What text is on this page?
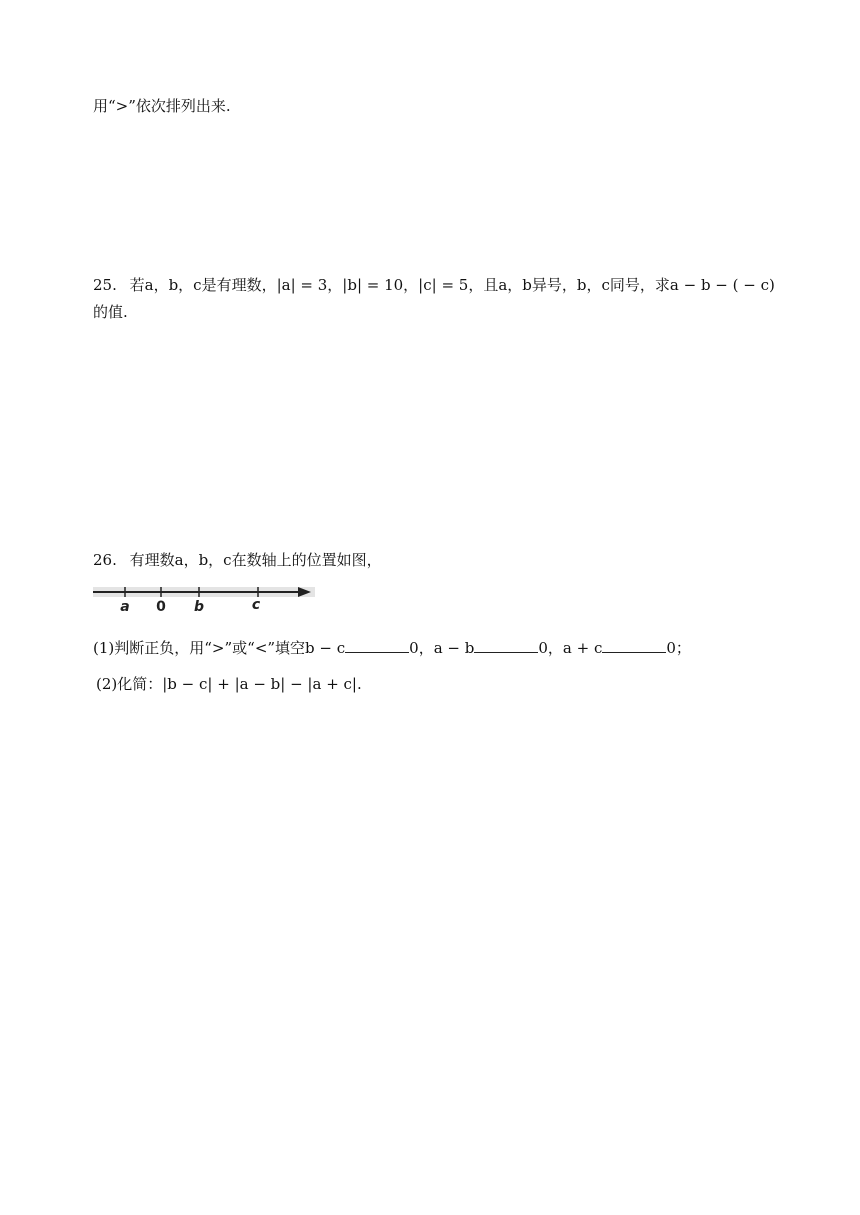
用“>”依次排列出来.
25. 若a，b，c是有理数，|a| = 3，|b| = 10，|c| = 5，且a，b异号，b，c同号，求a − b − ( − c)
的值.
26. 有理数a，b，c在数轴上的位置如图，
a 0 b	c
(1)判断正负，用“>”或“<”填空b − c	0，a − b	0，a + c	0；
(2)化简：|b − c| + |a − b| − |a + c|.
